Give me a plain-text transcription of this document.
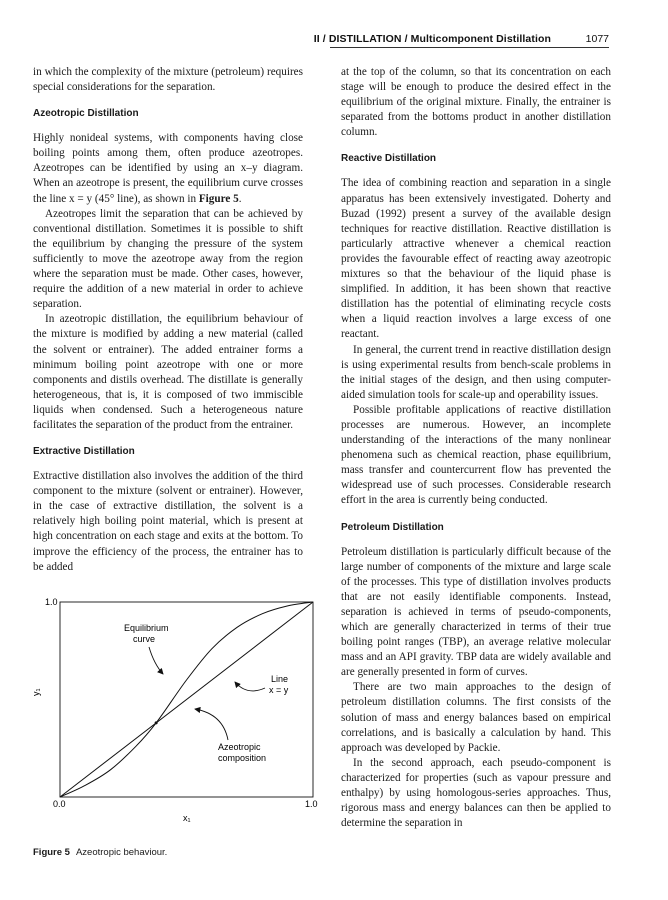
II / DISTILLATION / Multicomponent Distillation	1077

in which the complexity of the mixture (petroleum) requires special considerations for the separation.

Azeotropic Distillation

Highly nonideal systems, with components having close boiling points among them, often produce azeotropes. Azeotropes can be identified by using an x–y diagram. When an azeotrope is present, the equilibrium curve crosses the line x = y (45° line), as shown in Figure 5.

Azeotropes limit the separation that can be achieved by conventional distillation. Sometimes it is possible to shift the equilibrium by changing the pressure of the system sufficiently to move the azeotrope away from the region where the separation must be made. Other cases, however, require the addition of a new material in order to achieve separation.

In azeotropic distillation, the equilibrium behaviour of the mixture is modified by adding a new material (called the solvent or entrainer). The added entrainer forms a minimum boiling point azeotrope with one or more components and distils overhead. The distillate is generally heterogeneous, that is, it is composed of two immiscible liquids when condensed. Such a heterogeneous nature facilitates the separation of the product from the entrainer.

Extractive Distillation

Extractive distillation also involves the addition of the third component to the mixture (solvent or entrainer). However, in the case of extractive distillation, the solvent is a relatively high boiling point material, which is present at high concentration on each stage and exits at the bottom. To improve the efficiency of the process, the entrainer has to be added

at the top of the column, so that its concentration on each stage will be enough to produce the desired effect in the equilibrium of the original mixture. Finally, the entrainer is separated from the bottoms product in another distillation column.

Reactive Distillation

The idea of combining reaction and separation in a single apparatus has been extensively investigated. Doherty and Buzad (1992) present a survey of the available design techniques for reactive distillation. Reactive distillation is particularly attractive whenever a chemical reaction provides the favourable effect of reacting away azeotropic mixtures so that the behaviour of the liquid phase is simplified. In addition, it has been shown that reactive distillation has the potential of eliminating recycle costs when a liquid reaction involves a large excess of one reactant.

In general, the current trend in reactive distillation design is using experimental results from bench-scale problems in the initial stages of the design, and then using computer-aided simulation tools for scale-up and operability issues.

Possible profitable applications of reactive distillation processes are numerous. However, an incomplete understanding of the interactions of the many nonlinear phenomena such as chemical reaction, phase equilibrium, mass transfer and countercurrent flow has prevented the widespread use of such processes. Considerable research effort in the area is currently being conducted.

Petroleum Distillation

Petroleum distillation is particularly difficult because of the large number of components of the mixture and large scale of the processes. This type of distillation involves products that are not easily identifiable components. Instead, separation is achieved in terms of pseudo-components, which are generally characterized in terms of their true boiling point ranges (TBP), an average relative molecular mass and an API gravity. TBP data are widely available and are generally presented in form of curves.

There are two main approaches to the design of petroleum distillation columns. The first consists of the solution of mass and energy balances based on empirical correlations, and is basically a calculation by hand. This approach was developed by Packie.

In the second approach, each pseudo-component is characterized for properties (such as vapour pressure and enthalpy) by using homologous-series approaches. Thus, rigorous mass and energy balances can then be applied to determine the separation in

1.0
0.0	1.0
x₁
y₁
Equilibrium
curve
Line
x = y
Azeotropic
composition
Figure 5 Azeotropic behaviour.
